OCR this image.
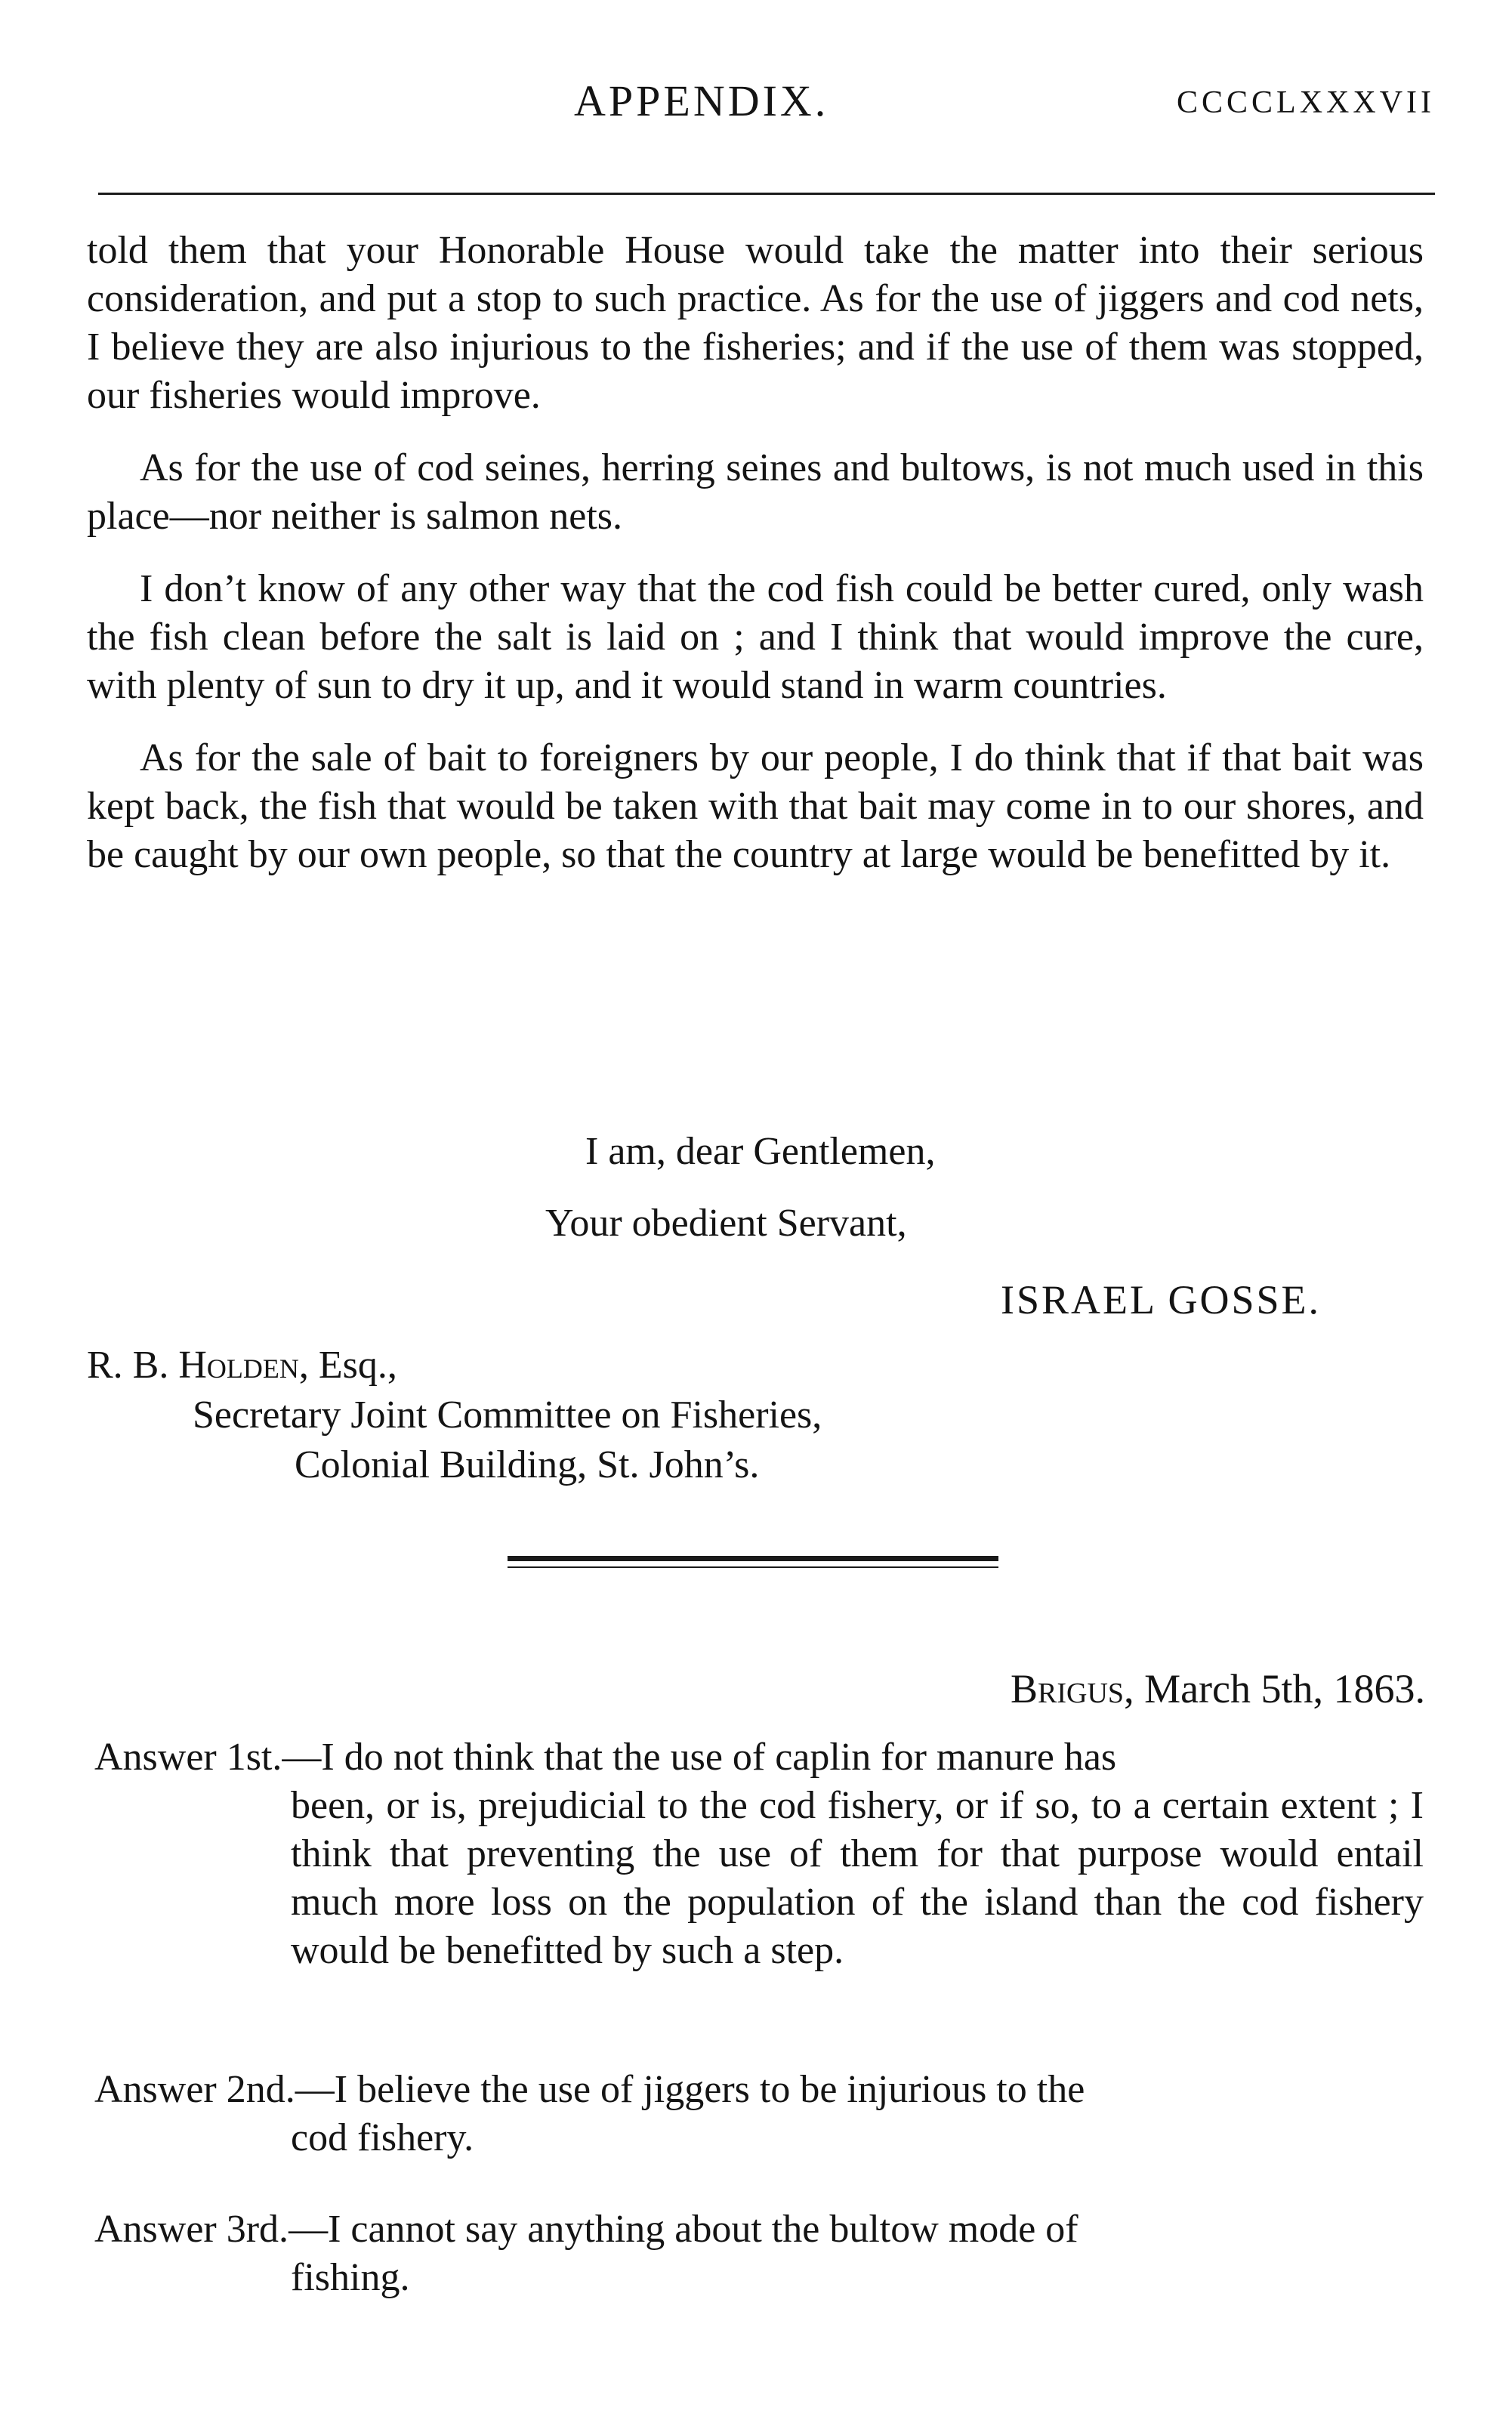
APPENDIX.	CCCCLXXXVII

told them that your Honorable House would take the matter into their serious consideration, and put a stop to such practice. As for the use of jiggers and cod nets, I believe they are also injurious to the fisheries; and if the use of them was stopped, our fisheries would improve.

As for the use of cod seines, herring seines and bultows, is not much used in this place—nor neither is salmon nets.

I don’t know of any other way that the cod fish could be better cured, only wash the fish clean before the salt is laid on ; and I think that would improve the cure, with plenty of sun to dry it up, and it would stand in warm countries.

As for the sale of bait to foreigners by our people, I do think that if that bait was kept back, the fish that would be taken with that bait may come in to our shores, and be caught by our own people, so that the country at large would be benefitted by it.

I am, dear Gentlemen,
Your obedient Servant,
ISRAEL GOSSE.
R. B. Holden, Esq.,
Secretary Joint Committee on Fisheries,
Colonial Building, St. John’s.
Brigus, March 5th, 1863.
Answer 1st.—I do not think that the use of caplin for manure has
been, or is, prejudicial to the cod fishery, or if so, to a certain extent ; I think that preventing the use of them for that purpose would entail much more loss on the population of the island than the cod fishery would be benefitted by such a step.
Answer 2nd.—I believe the use of jiggers to be injurious to the
cod fishery.
Answer 3rd.—I cannot say anything about the bultow mode of
fishing.
